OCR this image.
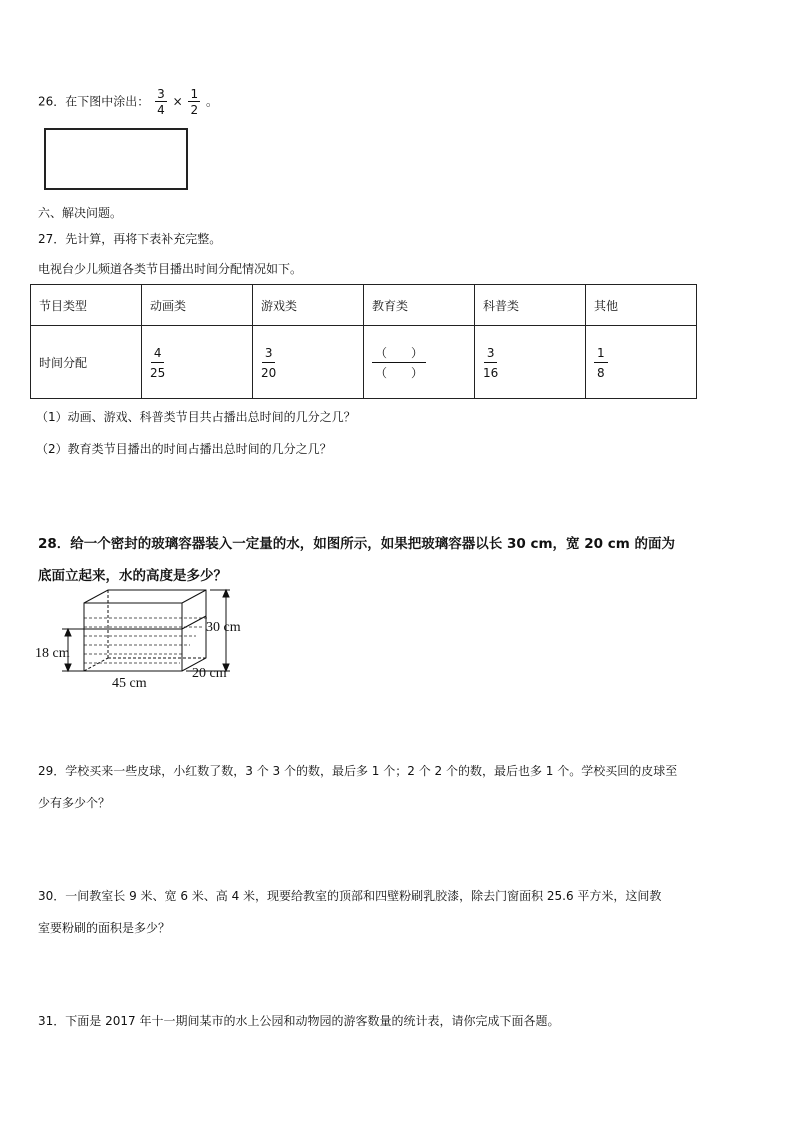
26．在下图中涂出： $\frac{3}{4} \times \frac{1}{2}$ 。
六、解决问题。
27．先计算，再将下表补充完整。
电视台少儿频道各类节目播出时间分配情况如下。
节目类型	动画类	游戏类	教育类	科普类	其他
时间分配	$\frac{4}{25}$	$\frac{3}{20}$	$\frac{( )}{( )}$	$\frac{3}{16}$	$\frac{1}{8}$
（1）动画、游戏、科普类节目共占播出总时间的几分之几？
（2）教育类节目播出的时间占播出总时间的几分之几？
28．给一个密封的玻璃容器装入一定量的水，如图所示，如果把玻璃容器以长 30 cm，宽 20 cm 的面为
底面立起来，水的高度是多少？
30 cm
18 cm
20 cm
45 cm
29．学校买来一些皮球，小红数了数，3 个 3 个的数，最后多 1 个；2 个 2 个的数，最后也多 1 个。学校买回的皮球至
少有多少个？
30．一间教室长 9 米、宽 6 米、高 4 米，现要给教室的顶部和四壁粉刷乳胶漆，除去门窗面积 25.6 平方米，这间教
室要粉刷的面积是多少？
31．下面是 2017 年十一期间某市的水上公园和动物园的游客数量的统计表，请你完成下面各题。
